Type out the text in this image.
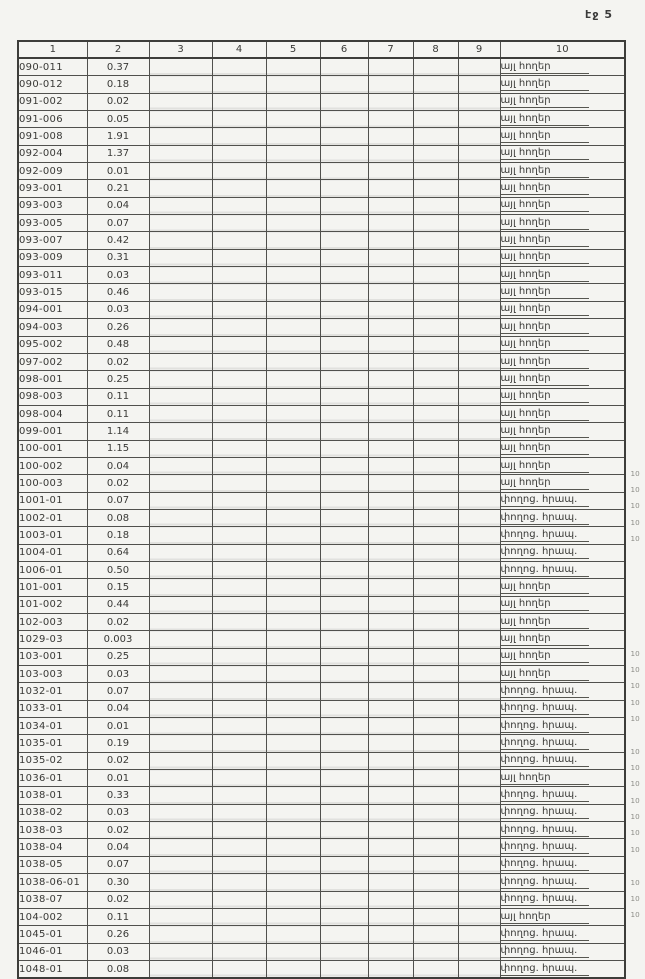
էջ 5
1	2	3	4	5	6	7	8	9	10
090-011	0.37								այլ հողեր
090-012	0.18								այլ հողեր
091-002	0.02								այլ հողեր
091-006	0.05								այլ հողեր
091-008	1.91								այլ հողեր
092-004	1.37								այլ հողեր
092-009	0.01								այլ հողեր
093-001	0.21								այլ հողեր
093-003	0.04								այլ հողեր
093-005	0.07								այլ հողեր
093-007	0.42								այլ հողեր
093-009	0.31								այլ հողեր
093-011	0.03								այլ հողեր
093-015	0.46								այլ հողեր
094-001	0.03								այլ հողեր
094-003	0.26								այլ հողեր
095-002	0.48								այլ հողեր
097-002	0.02								այլ հողեր
098-001	0.25								այլ հողեր
098-003	0.11								այլ հողեր
098-004	0.11								այլ հողեր
099-001	1.14								այլ հողեր
100-001	1.15								այլ հողեր
100-002	0.04								այլ հողեր
100-003	0.02								այլ հողեր
1001-01	0.07								փողոց. հրապ.
1002-01	0.08								փողոց. հրապ.
1003-01	0.18								փողոց. հրապ.
1004-01	0.64								փողոց. հրապ.
1006-01	0.50								փողոց. հրապ.
101-001	0.15								այլ հողեր
101-002	0.44								այլ հողեր
102-003	0.02								այլ հողեր
1029-03	0.003								այլ հողեր
103-001	0.25								այլ հողեր
103-003	0.03								այլ հողեր
1032-01	0.07								փողոց. հրապ.
1033-01	0.04								փողոց. հրապ.
1034-01	0.01								փողոց. հրապ.
1035-01	0.19								փողոց. հրապ.
1035-02	0.02								փողոց. հրապ.
1036-01	0.01								այլ հողեր
1038-01	0.33								փողոց. հրապ.
1038-02	0.03								փողոց. հրապ.
1038-03	0.02								փողոց. հրապ.
1038-04	0.04								փողոց. հրապ.
1038-05	0.07								փողոց. հրապ.
1038-06-01	0.30								փողոց. հրապ.
1038-07	0.02								փողոց. հրապ.
104-002	0.11								այլ հողեր
1045-01	0.26								փողոց. հրապ.
1046-01	0.03								փողոց. հրապ.
1048-01	0.08								փողոց. հրապ.
10
10
10
10
10
10
10
10
10
10
10
10
10
10
10
10
10
10
10
10
